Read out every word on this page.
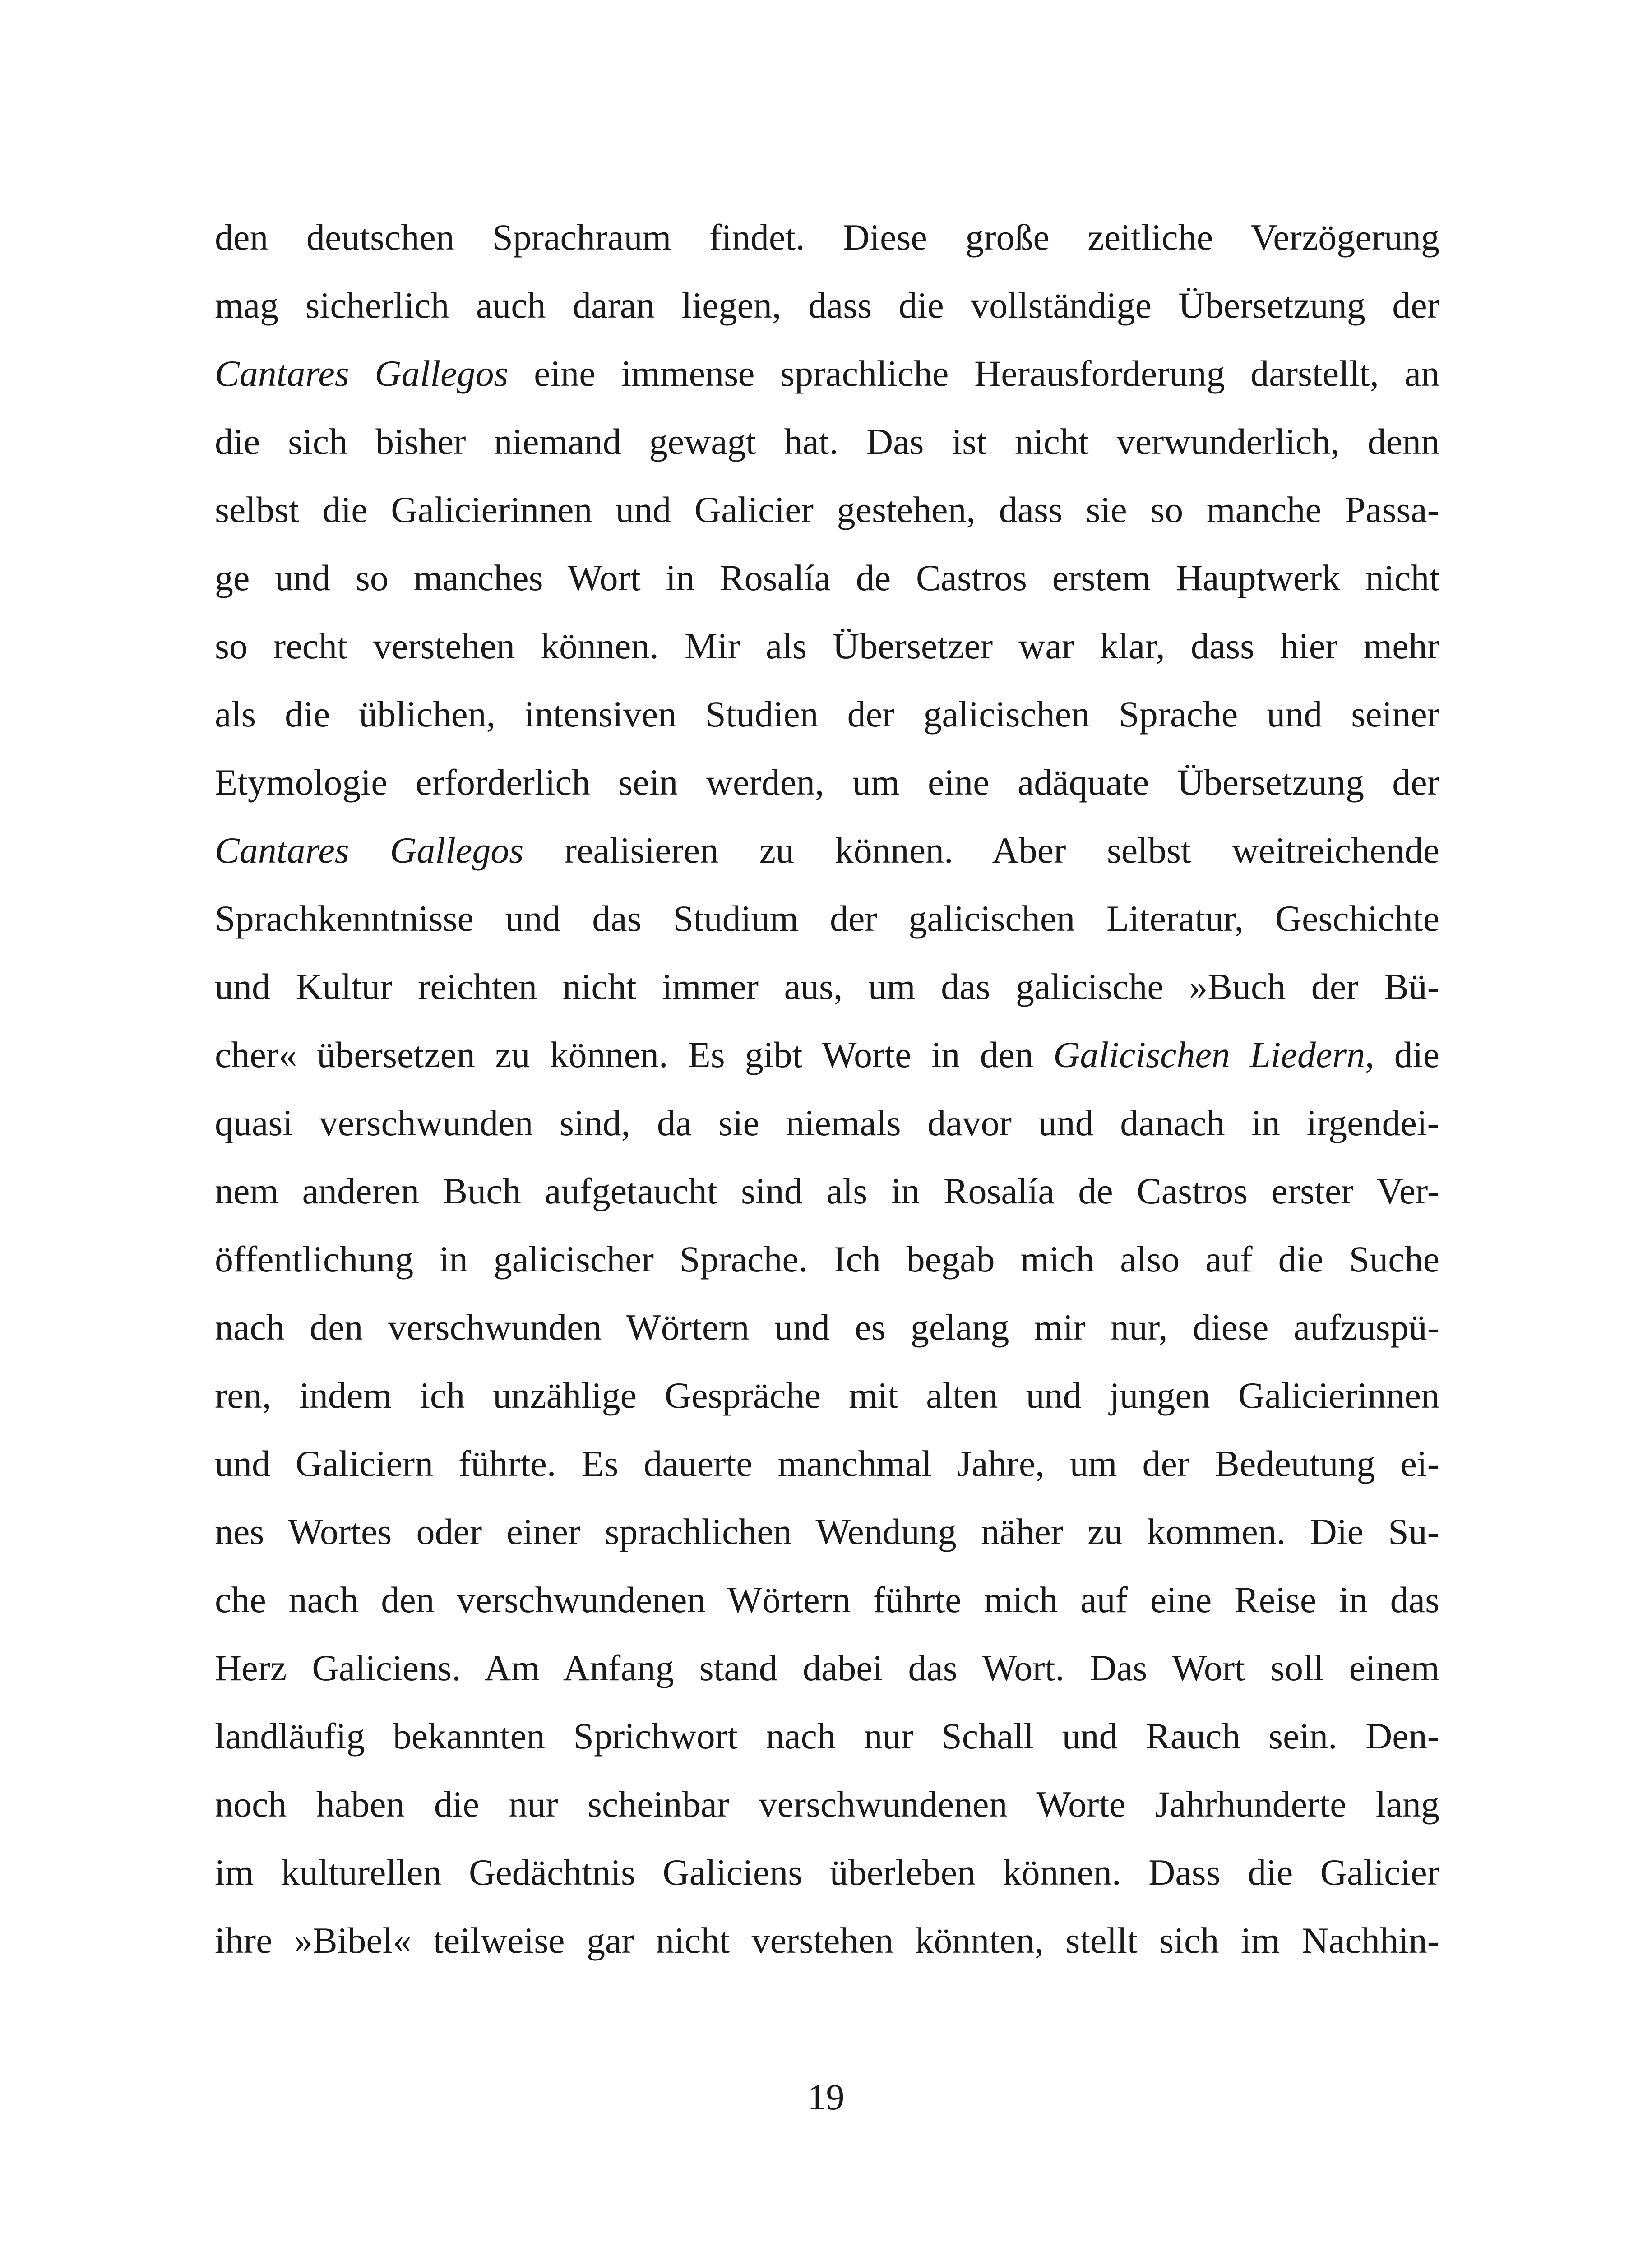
den deutschen Sprachraum findet. Diese große zeitliche Verzögerung
mag sicherlich auch daran liegen, dass die vollständige Übersetzung der
Cantares Gallegos eine immense sprachliche Herausforderung darstellt, an
die sich bisher niemand gewagt hat. Das ist nicht verwunderlich, denn
selbst die Galicierinnen und Galicier gestehen, dass sie so manche Passa-
ge und so manches Wort in Rosalía de Castros erstem Hauptwerk nicht
so recht verstehen können. Mir als Übersetzer war klar, dass hier mehr
als die üblichen, intensiven Studien der galicischen Sprache und seiner
Etymologie erforderlich sein werden, um eine adäquate Übersetzung der
Cantares Gallegos realisieren zu können. Aber selbst weitreichende
Sprachkenntnisse und das Studium der galicischen Literatur, Geschichte
und Kultur reichten nicht immer aus, um das galicische »Buch der Bü-
cher« übersetzen zu können. Es gibt Worte in den Galicischen Liedern, die
quasi verschwunden sind, da sie niemals davor und danach in irgendei-
nem anderen Buch aufgetaucht sind als in Rosalía de Castros erster Ver-
öffentlichung in galicischer Sprache. Ich begab mich also auf die Suche
nach den verschwunden Wörtern und es gelang mir nur, diese aufzuspü-
ren, indem ich unzählige Gespräche mit alten und jungen Galicierinnen
und Galiciern führte. Es dauerte manchmal Jahre, um der Bedeutung ei-
nes Wortes oder einer sprachlichen Wendung näher zu kommen. Die Su-
che nach den verschwundenen Wörtern führte mich auf eine Reise in das
Herz Galiciens. Am Anfang stand dabei das Wort. Das Wort soll einem
landläufig bekannten Sprichwort nach nur Schall und Rauch sein. Den-
noch haben die nur scheinbar verschwundenen Worte Jahrhunderte lang
im kulturellen Gedächtnis Galiciens überleben können. Dass die Galicier
ihre »Bibel« teilweise gar nicht verstehen könnten, stellt sich im Nachhin-
19
